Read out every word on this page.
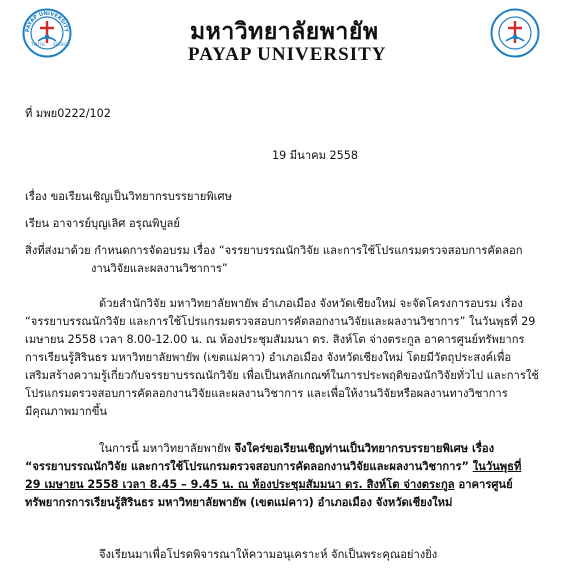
PAYAP UNIVERSITY
TRUTH SERVICE	มหาวิทยาลัยพายัพ
PAYAP UNIVERSITY
ที่ มพย0222/102
19 มีนาคม 2558
เรื่อง ขอเรียนเชิญเป็นวิทยากรบรรยายพิเศษ
เรียน อาจารย์บุญเลิศ อรุณพิบูลย์
สิ่งที่ส่งมาด้วย กำหนดการจัดอบรม เรื่อง “จรรยาบรรณนักวิจัย และการใช้โปรแกรมตรวจสอบการคัดลอก
งานวิจัยและผลงานวิชาการ”
ด้วยสำนักวิจัย มหาวิทยาลัยพายัพ อำเภอเมือง จังหวัดเชียงใหม่ จะจัดโครงการอบรม เรื่อง
“จรรยาบรรณนักวิจัย และการใช้โปรแกรมตรวจสอบการคัดลอกงานวิจัยและผลงานวิชาการ” ในวันพุธที่ 29
เมษายน 2558 เวลา 8.00-12.00 น. ณ ห้องประชุมสัมมนา ดร. สิงห์โต จ่างตระกูล อาคารศูนย์ทรัพยากร
การเรียนรู้สิรินธร มหาวิทยาลัยพายัพ (เขตแม่คาว) อำเภอเมือง จังหวัดเชียงใหม่ โดยมีวัตถุประสงค์เพื่อ
เสริมสร้างความรู้เกี่ยวกับจรรยาบรรณนักวิจัย เพื่อเป็นหลักเกณฑ์ในการประพฤติของนักวิจัยทั่วไป และการใช้
โปรแกรมตรวจสอบการคัดลอกงานวิจัยและผลงานวิชาการ และเพื่อให้งานวิจัยหรือผลงานทางวิชาการ
มีคุณภาพมากขึ้น
ในการนี้ มหาวิทยาลัยพายัพ จึงใคร่ขอเรียนเชิญท่านเป็นวิทยากรบรรยายพิเศษ เรื่อง
“จรรยาบรรณนักวิจัย และการใช้โปรแกรมตรวจสอบการคัดลอกงานวิจัยและผลงานวิชาการ” ในวันพุธที่
29 เมษายน 2558 เวลา 8.45 – 9.45 น. ณ ห้องประชุมสัมมนา ดร. สิงห์โต จ่างตระกูล อาคารศูนย์
ทรัพยากรการเรียนรู้สิรินธร มหาวิทยาลัยพายัพ (เขตแม่คาว) อำเภอเมือง จังหวัดเชียงใหม่
จึงเรียนมาเพื่อโปรดพิจารณาให้ความอนุเคราะห์ จักเป็นพระคุณอย่างยิ่ง
